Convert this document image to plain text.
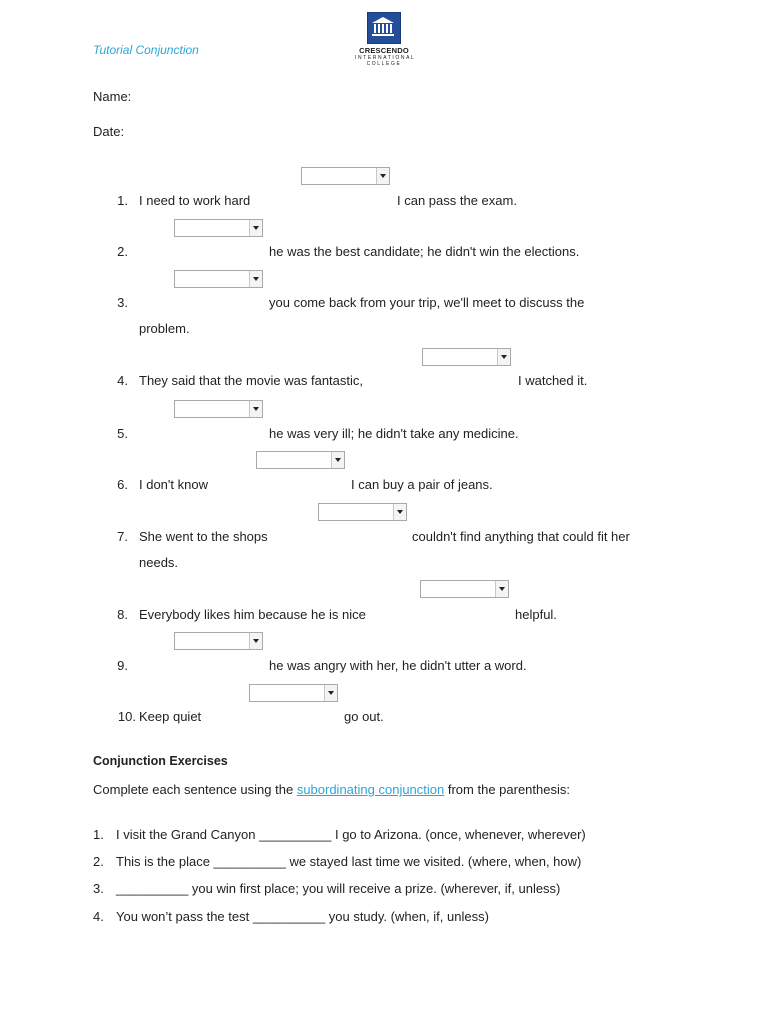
Tutorial Conjunction	CRESCENDO
INTERNATIONAL COLLEGE
Name:
Date:
1. I need to work hard	I can pass the exam.
2.	he was the best candidate; he didn't win the elections.
3.	you come back from your trip, we'll meet to discuss the
problem.
4. They said that the movie was fantastic,	I watched it.
5.	he was very ill; he didn't take any medicine.
6. I don't know	I can buy a pair of jeans.
7. She went to the shops	couldn't find anything that could fit her
needs.
8. Everybody likes him because he is nice	helpful.
9.	he was angry with her, he didn't utter a word.
10. Keep quiet	go out.
Conjunction Exercises
Complete each sentence using the subordinating conjunction from the parenthesis:
1. I visit the Grand Canyon __________ I go to Arizona. (once, whenever, wherever)
2. This is the place __________ we stayed last time we visited. (where, when, how)
3. __________ you win first place; you will receive a prize. (wherever, if, unless)
4. You won’t pass the test __________ you study. (when, if, unless)
